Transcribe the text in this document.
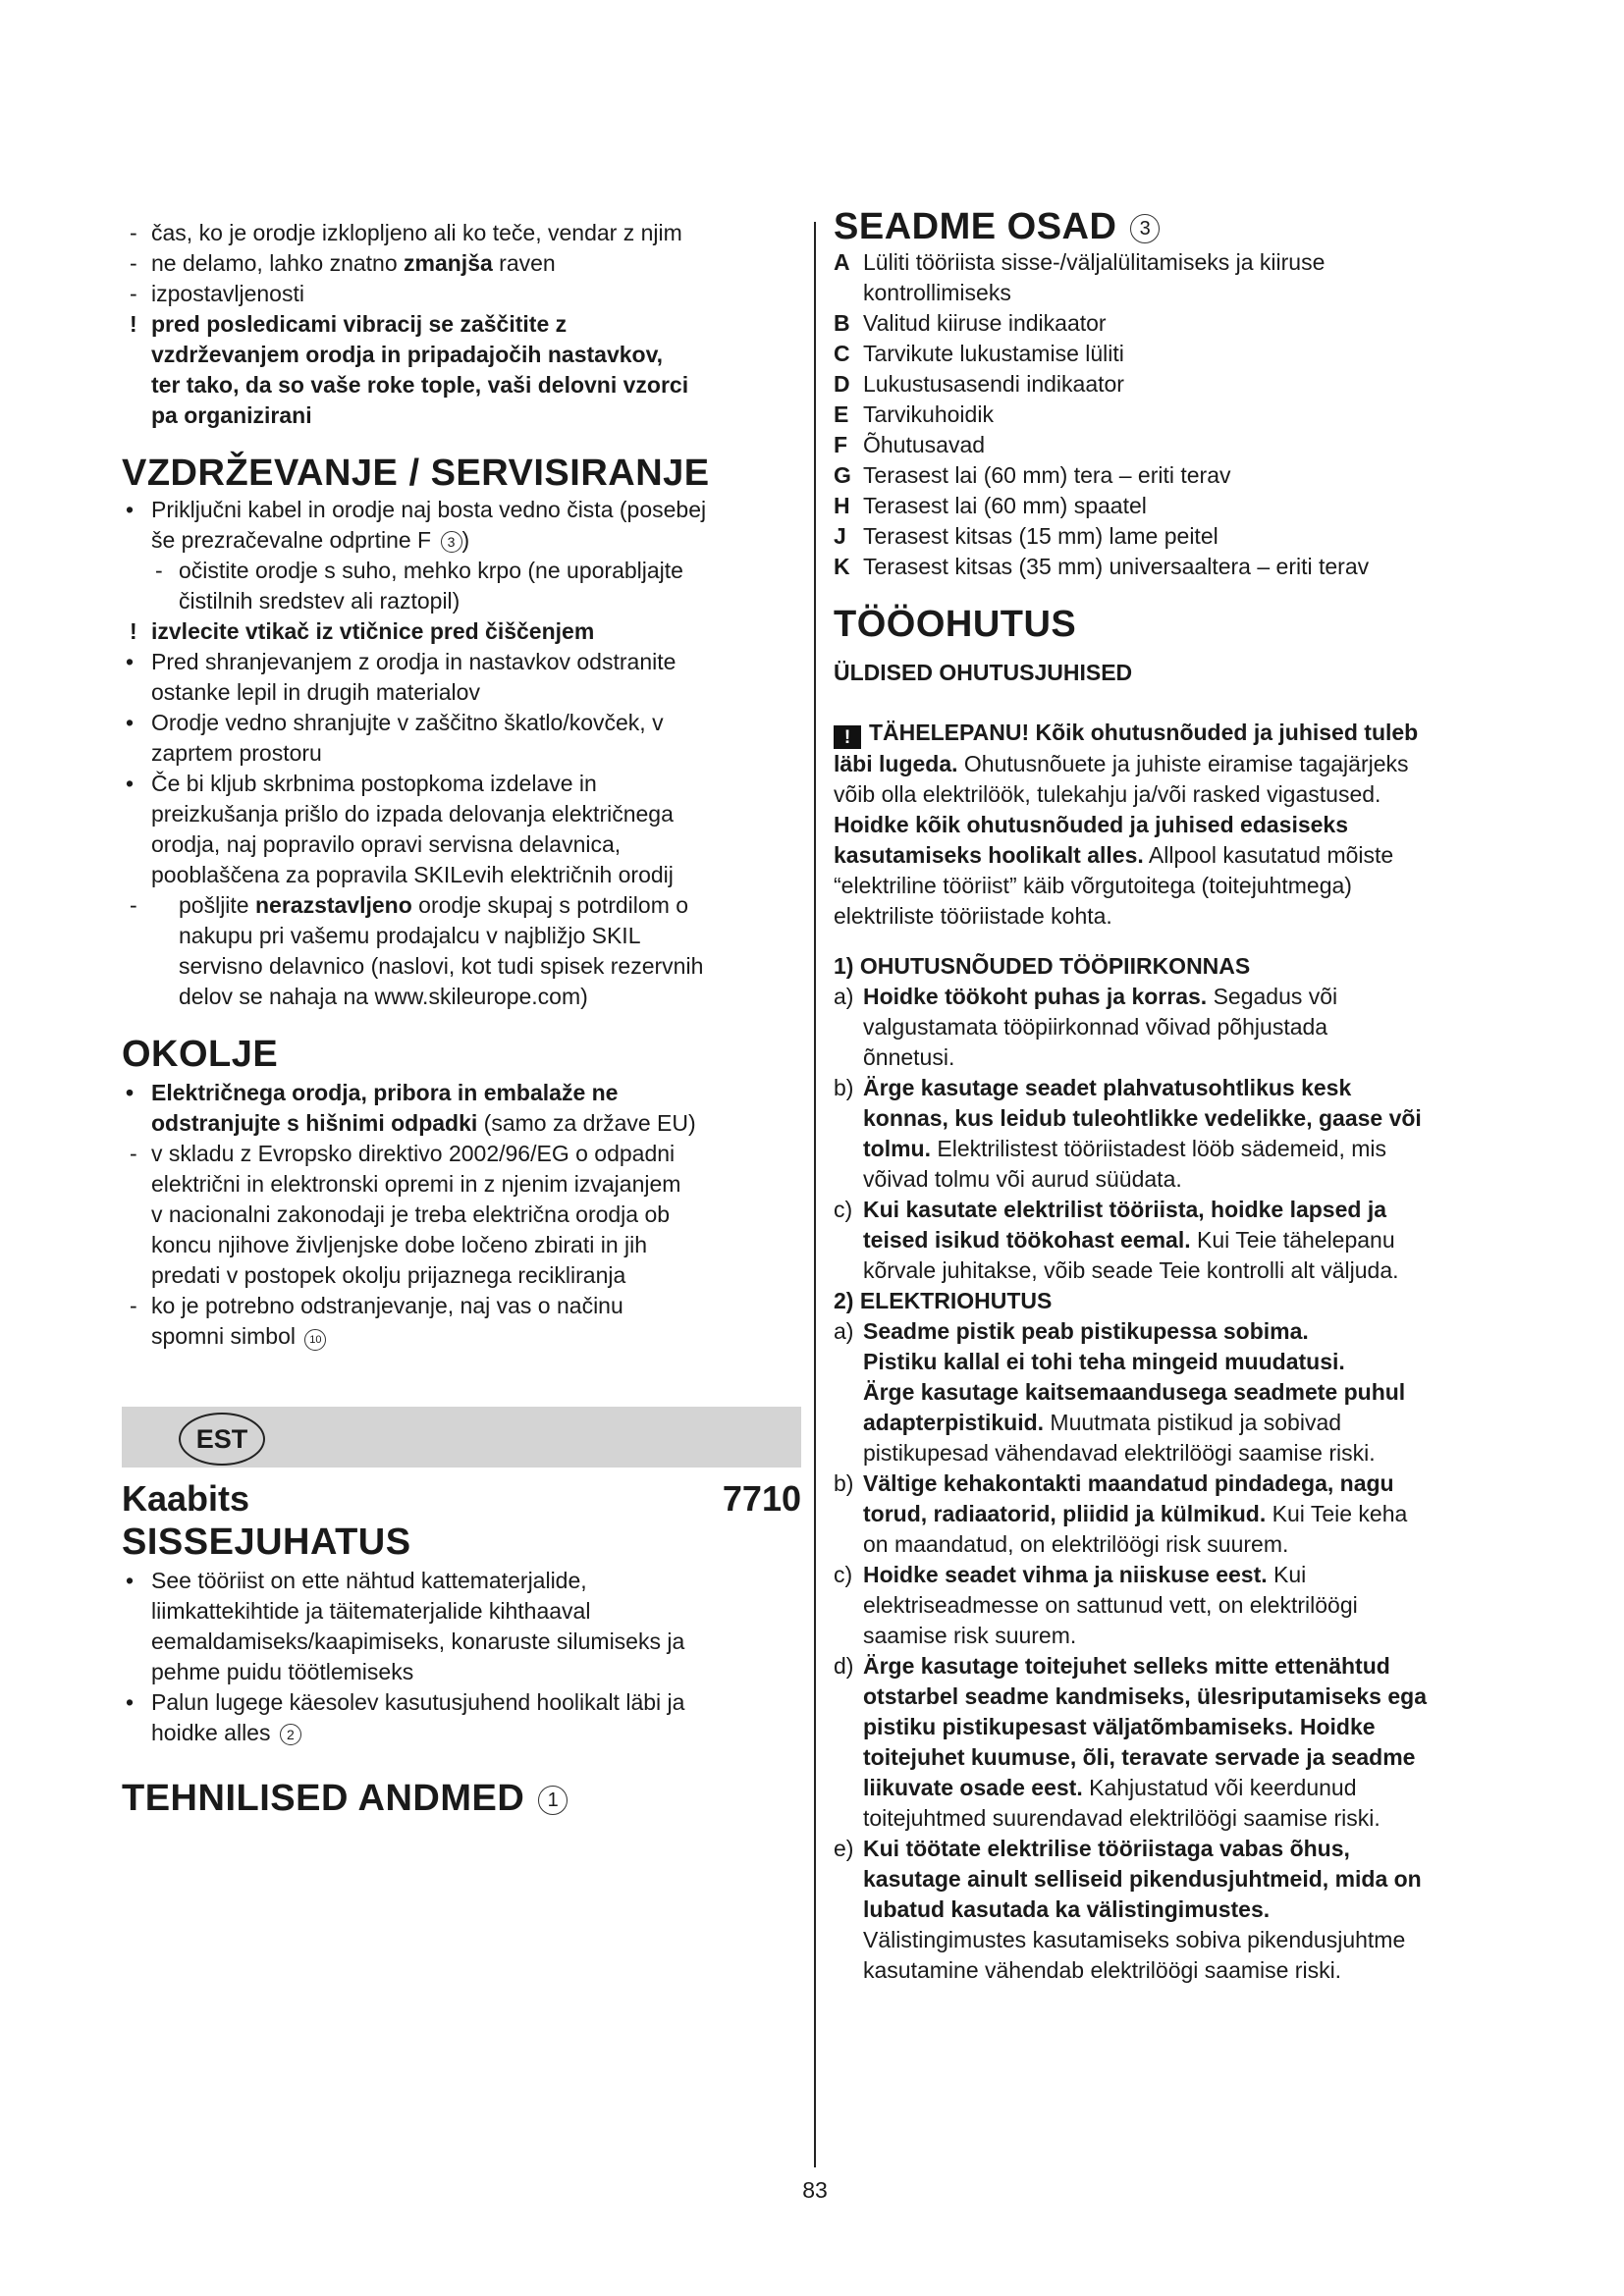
- čas, ko je orodje izklopljeno ali ko teče, vendar z njim

- ne delamo, lahko znatno zmanjša raven

- izpostavljenosti

! pred posledicami vibracij se zaščitite z

vzdrževanjem orodja in pripadajočih nastavkov,

ter tako, da so vaše roke tople, vaši delovni vzorci

pa organizirani

VZDRŽEVANJE / SERVISIRANJE

• Priključni kabel in orodje naj bosta vedno čista (posebej

še prezračevalne odprtine F 3 )

- očistite orodje s suho, mehko krpo (ne uporabljajte

čistilnih sredstev ali raztopil)

! izvlecite vtikač iz vtičnice pred čiščenjem

• Pred shranjevanjem z orodja in nastavkov odstranite

ostanke lepil in drugih materialov

• Orodje vedno shranjujte v zaščitno škatlo/kovček, v

zaprtem prostoru

• Če bi kljub skrbnima postopkoma izdelave in

preizkušanja prišlo do izpada delovanja električnega

orodja, naj popravilo opravi servisna delavnica,

pooblaščena za popravila SKILevih električnih orodij

- pošljite nerazstavljeno orodje skupaj s potrdilom o

nakupu pri vašemu prodajalcu v najbližjo SKIL

servisno delavnico (naslovi, kot tudi spisek rezervnih

delov se nahaja na www.skileurope.com)

OKOLJE

• Električnega orodja, pribora in embalaže ne

odstranjujte s hišnimi odpadki (samo za države EU)

- v skladu z Evropsko direktivo 2002/96/EG o odpadni

električni in elektronski opremi in z njenim izvajanjem

v nacionalni zakonodaji je treba električna orodja ob

koncu njihove življenjske dobe ločeno zbirati in jih

predati v postopek okolju prijaznega recikliranja

- ko je potrebno odstranjevanje, naj vas o načinu

spomni simbol 10

EST
Kaabits	7710
SISSEJUHATUS

• See tööriist on ette nähtud kattematerjalide,

liimkattekihtide ja täitematerjalide kihthaaval

eemaldamiseks/kaapimiseks, konaruste silumiseks ja

pehme puidu töötlemiseks

• Palun lugege käesolev kasutusjuhend hoolikalt läbi ja

hoidke alles 2

TEHNILISED ANDMED 1
SEADME OSAD 3

A Lüliti tööriista sisse-/väljalülitamiseks ja kiiruse

kontrollimiseks

B Valitud kiiruse indikaator

C Tarvikute lukustamise lüliti

D Lukustusasendi indikaator

E Tarvikuhoidik

F Õhutusavad

G Terasest lai (60 mm) tera – eriti terav

H Terasest lai (60 mm) spaatel

J Terasest kitsas (15 mm) lame peitel

K Terasest kitsas (35 mm) universaaltera – eriti terav

TÖÖOHUTUS
ÜLDISED OHUTUSJUHISED

! TÄHELEPANU! Kõik ohutusnõuded ja juhised tuleb

läbi lugeda. Ohutusnõuete ja juhiste eiramise tagajärjeks

võib olla elektrilöök, tulekahju ja/või rasked vigastused.

Hoidke kõik ohutusnõuded ja juhised edasiseks

kasutamiseks hoolikalt alles. Allpool kasutatud mõiste

“elektriline tööriist” käib võrgutoitega (toitejuhtmega)

elektriliste tööriistade kohta.

1) OHUTUSNÕUDED TÖÖPIIRKONNAS

a) Hoidke töökoht puhas ja korras. Segadus või

valgustamata tööpiirkonnad võivad põhjustada

õnnetusi.

b) Ärge kasutage seadet plahvatusohtlikus kesk

konnas, kus leidub tuleohtlikke vedelikke, gaase või

tolmu. Elektrilistest tööriistadest lööb sädemeid, mis

võivad tolmu või aurud süüdata.

c) Kui kasutate elektrilist tööriista, hoidke lapsed ja

teised isikud töökohast eemal. Kui Teie tähelepanu

kõrvale juhitakse, võib seade Teie kontrolli alt väljuda.

2) ELEKTRIOHUTUS

a) Seadme pistik peab pistikupessa sobima.

Pistiku kallal ei tohi teha mingeid muudatusi.

Ärge kasutage kaitsemaandusega seadmete puhul

adapterpistikuid. Muutmata pistikud ja sobivad

pistikupesad vähendavad elektrilöögi saamise riski.

b) Vältige kehakontakti maandatud pindadega, nagu

torud, radiaatorid, pliidid ja külmikud. Kui Teie keha

on maandatud, on elektrilöögi risk suurem.

c) Hoidke seadet vihma ja niiskuse eest. Kui

elektriseadmesse on sattunud vett, on elektrilöögi

saamise risk suurem.

d) Ärge kasutage toitejuhet selleks mitte ettenähtud

otstarbel seadme kandmiseks, ülesriputamiseks ega

pistiku pistikupesast väljatõmbamiseks. Hoidke

toitejuhet kuumuse, õli, teravate servade ja seadme

liikuvate osade eest. Kahjustatud või keerdunud

toitejuhtmed suurendavad elektrilöögi saamise riski.

e) Kui töötate elektrilise tööriistaga vabas õhus,

kasutage ainult selliseid pikendusjuhtmeid, mida on

lubatud kasutada ka välistingimustes.

Välistingimustes kasutamiseks sobiva pikendusjuhtme

kasutamine vähendab elektrilöögi saamise riski.

83
